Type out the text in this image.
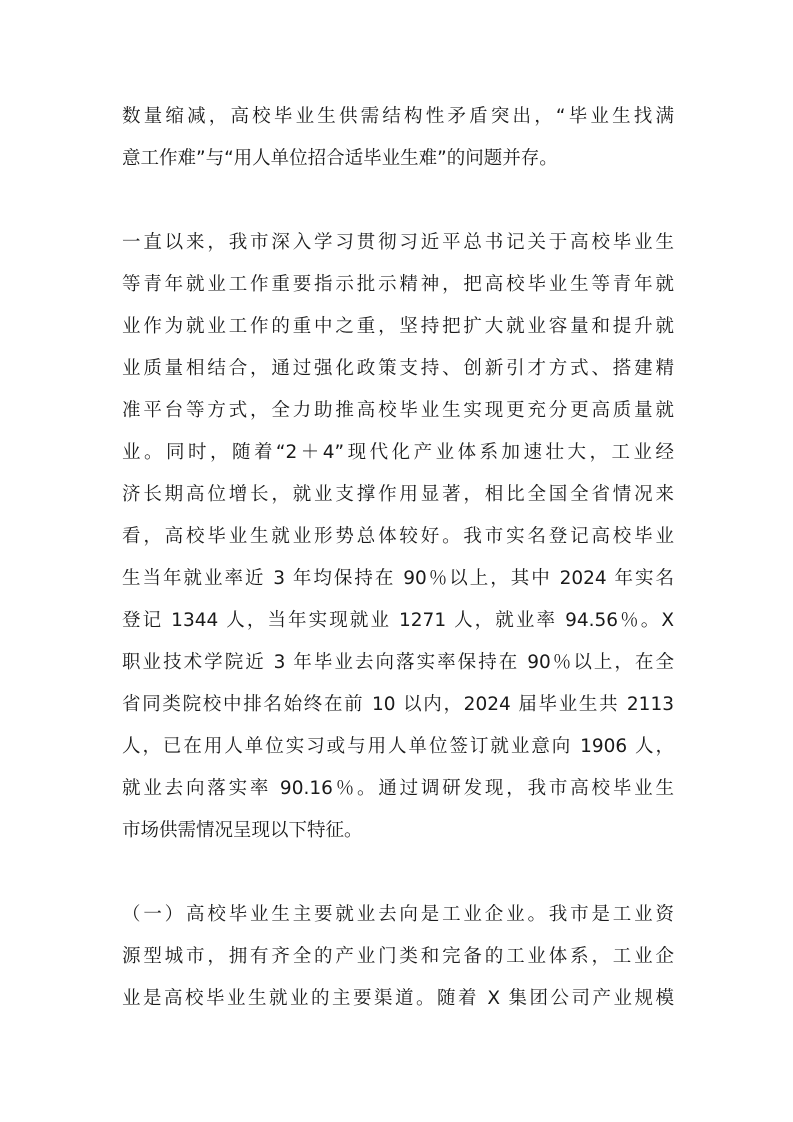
数量缩减，高校毕业生供需结构性矛盾突出，“毕业生找满

意工作难”与“用人单位招合适毕业生难”的问题并存。

一直以来，我市深入学习贯彻习近平总书记关于高校毕业生

等青年就业工作重要指示批示精神，把高校毕业生等青年就

业作为就业工作的重中之重，坚持把扩大就业容量和提升就

业质量相结合，通过强化政策支持、创新引才方式、搭建精

准平台等方式，全力助推高校毕业生实现更充分更高质量就

业。同时，随着“2＋4”现代化产业体系加速壮大，工业经

济长期高位增长，就业支撑作用显著，相比全国全省情况来

看，高校毕业生就业形势总体较好。我市实名登记高校毕业

生当年就业率近 3 年均保持在 90％以上，其中 2024 年实名

登记 1344 人，当年实现就业 1271 人，就业率 94.56％。X

职业技术学院近 3 年毕业去向落实率保持在 90％以上，在全

省同类院校中排名始终在前 10 以内，2024 届毕业生共 2113

人，已在用人单位实习或与用人单位签订就业意向 1906 人，

就业去向落实率 90.16％。通过调研发现，我市高校毕业生

市场供需情况呈现以下特征。

（一）高校毕业生主要就业去向是工业企业。我市是工业资

源型城市，拥有齐全的产业门类和完备的工业体系，工业企

业是高校毕业生就业的主要渠道。随着 X 集团公司产业规模
